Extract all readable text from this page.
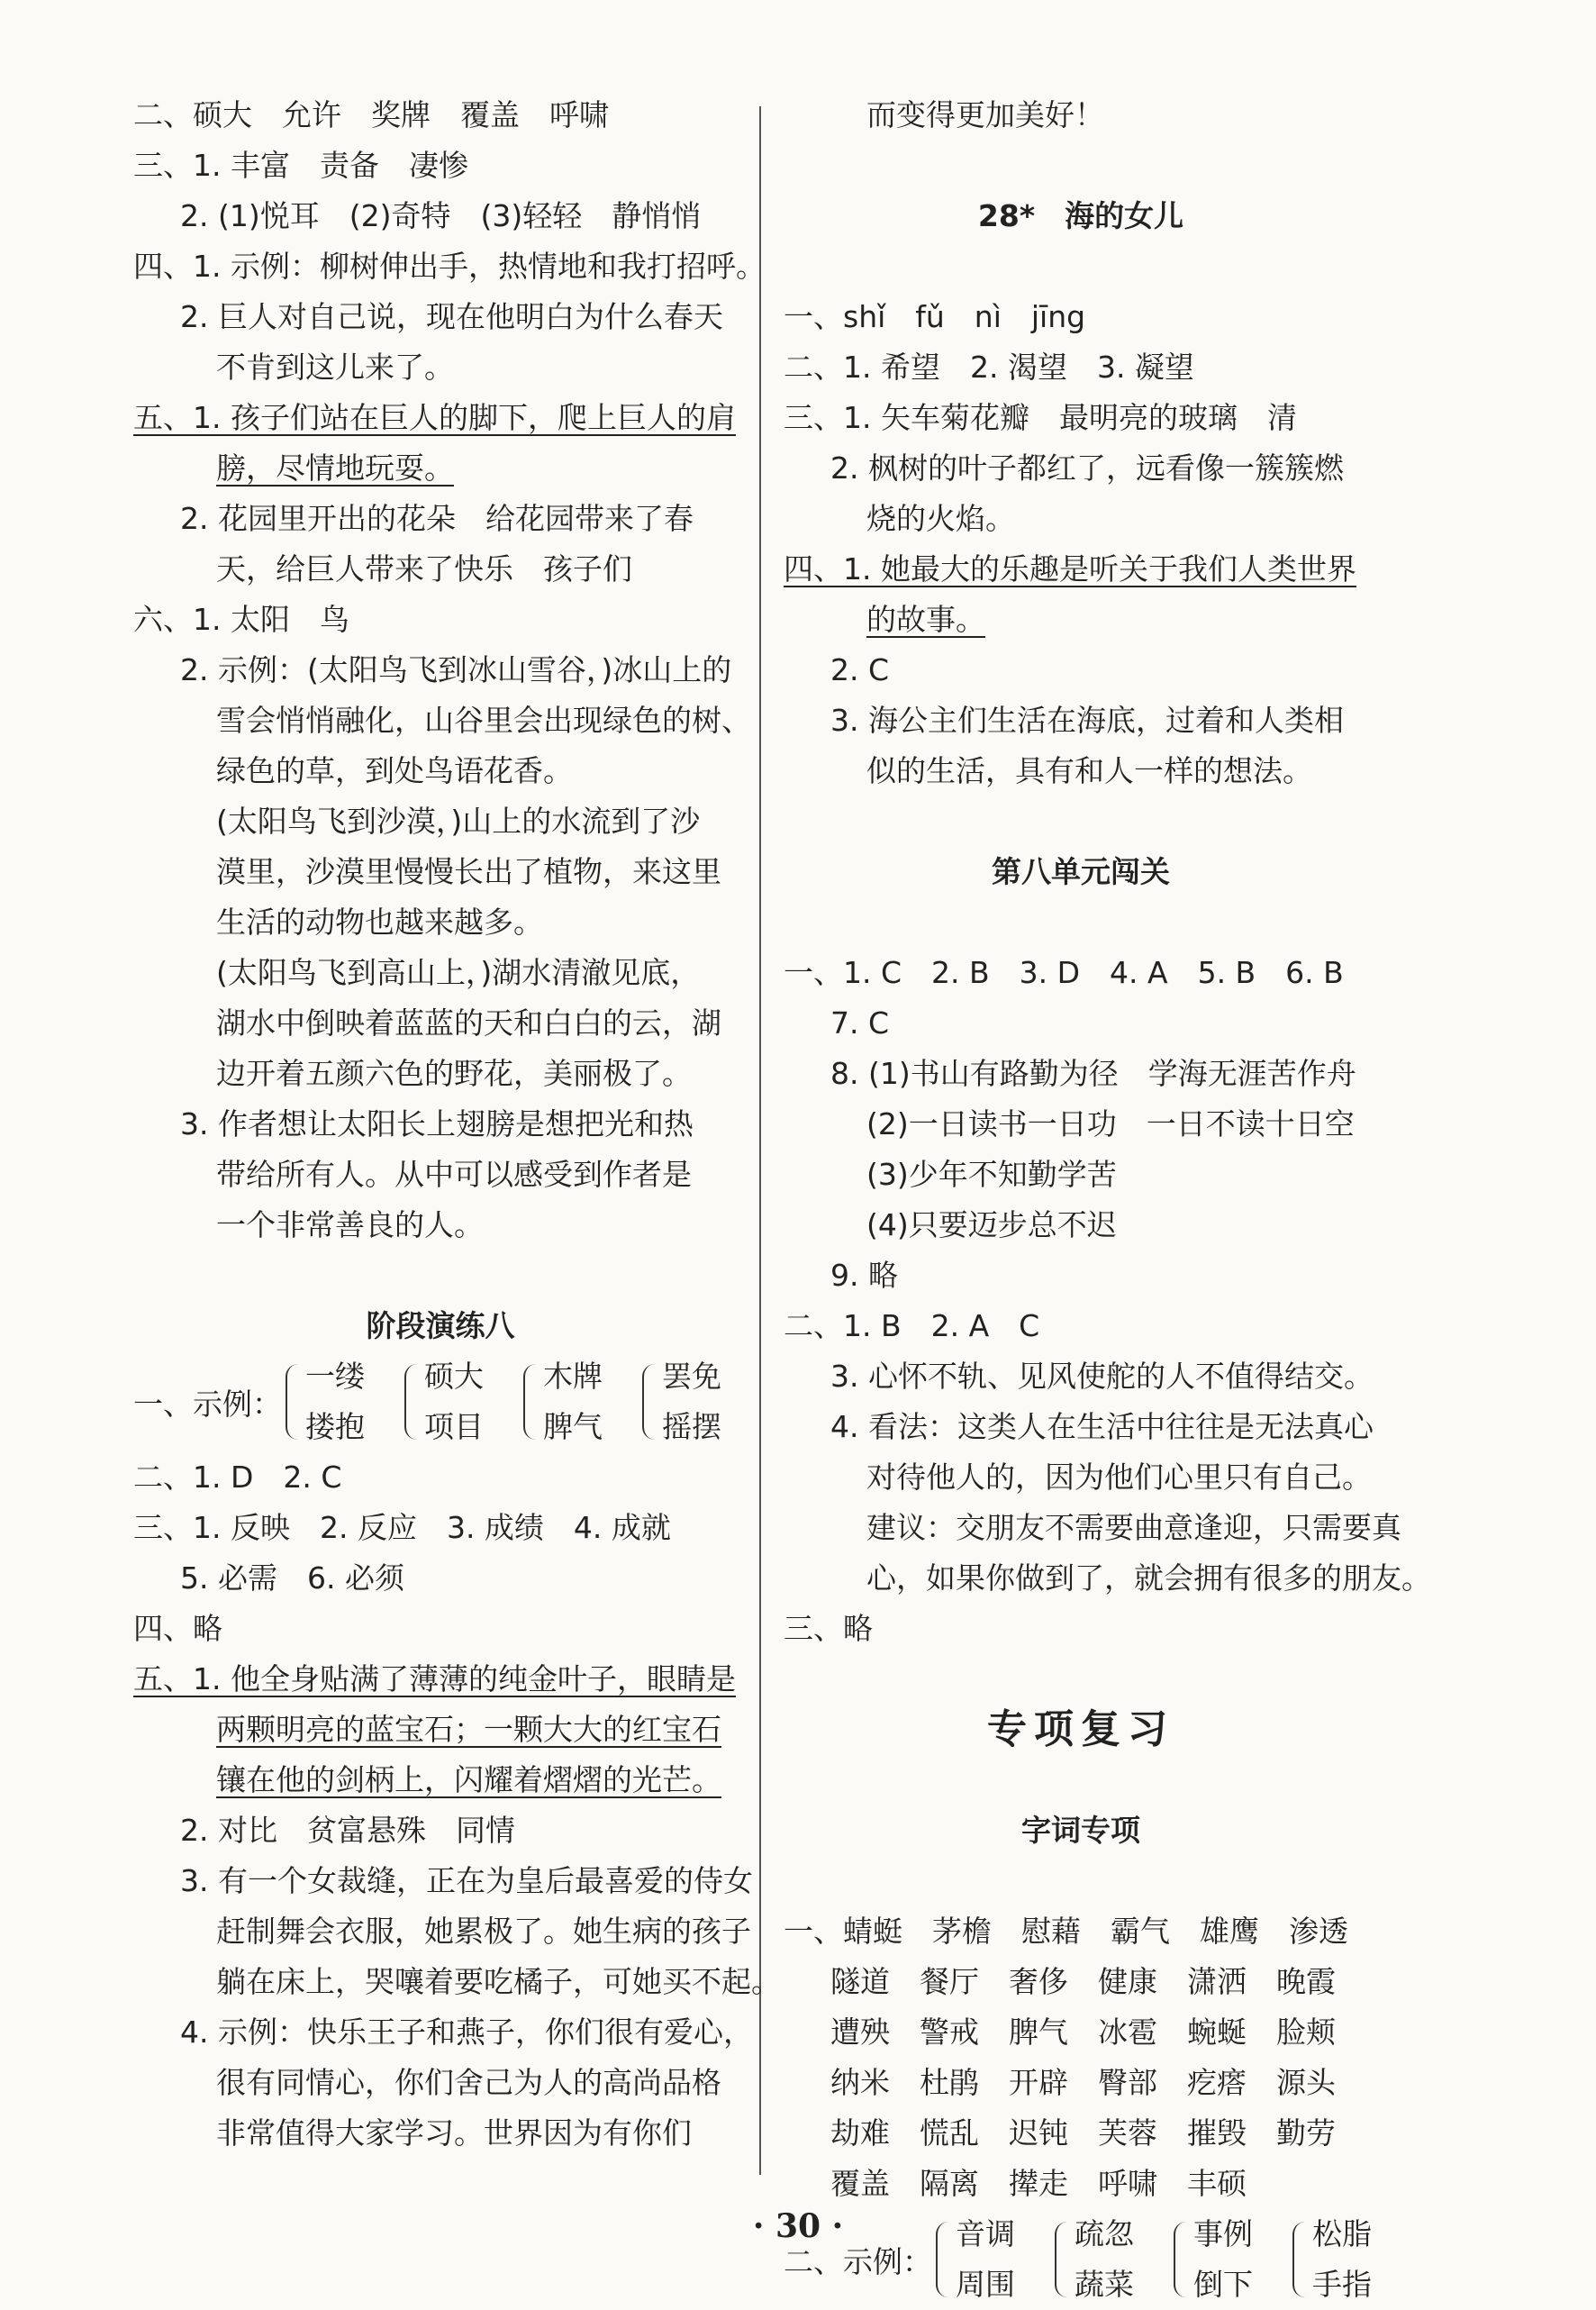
二、硕大　允许　奖牌　覆盖　呼啸
三、1. 丰富　责备　凄惨
2. (1)悦耳　(2)奇特　(3)轻轻　静悄悄
四、1. 示例：柳树伸出手，热情地和我打招呼。
2. 巨人对自己说，现在他明白为什么春天
不肯到这儿来了。
五、1. 孩子们站在巨人的脚下，爬上巨人的肩
膀，尽情地玩耍。
2. 花园里开出的花朵　给花园带来了春
天，给巨人带来了快乐　孩子们
六、1. 太阳　鸟
2. 示例：(太阳鸟飞到冰山雪谷，)冰山上的
雪会悄悄融化，山谷里会出现绿色的树、
绿色的草，到处鸟语花香。
(太阳鸟飞到沙漠，)山上的水流到了沙
漠里，沙漠里慢慢长出了植物，来这里
生活的动物也越来越多。
(太阳鸟飞到高山上，)湖水清澈见底，
湖水中倒映着蓝蓝的天和白白的云，湖
边开着五颜六色的野花，美丽极了。
3. 作者想让太阳长上翅膀是想把光和热
带给所有人。从中可以感受到作者是
一个非常善良的人。
阶段演练八
一、示例：
一缕
搂抱
硕大
项目
木牌
脾气
罢免
摇摆
二、1. D　2. C
三、1. 反映　2. 反应　3. 成绩　4. 成就
5. 必需　6. 必须
四、略
五、1. 他全身贴满了薄薄的纯金叶子，眼睛是
两颗明亮的蓝宝石；一颗大大的红宝石
镶在他的剑柄上，闪耀着熠熠的光芒。
2. 对比　贫富悬殊　同情
3. 有一个女裁缝，正在为皇后最喜爱的侍女
赶制舞会衣服，她累极了。她生病的孩子
躺在床上，哭嚷着要吃橘子，可她买不起。
4. 示例：快乐王子和燕子，你们很有爱心，
很有同情心，你们舍己为人的高尚品格
非常值得大家学习。世界因为有你们
而变得更加美好！
28*　海的女儿
一、shǐ　fǔ　nì　jīng
二、1. 希望　2. 渴望　3. 凝望
三、1. 矢车菊花瓣　最明亮的玻璃　清
2. 枫树的叶子都红了，远看像一簇簇燃
烧的火焰。
四、1. 她最大的乐趣是听关于我们人类世界
的故事。
2. C
3. 海公主们生活在海底，过着和人类相
似的生活，具有和人一样的想法。
第八单元闯关
一、1. C　2. B　3. D　4. A　5. B　6. B
7. C
8. (1)书山有路勤为径　学海无涯苦作舟
(2)一日读书一日功　一日不读十日空
(3)少年不知勤学苦
(4)只要迈步总不迟
9. 略
二、1. B　2. A　C
3. 心怀不轨、见风使舵的人不值得结交。
4. 看法：这类人在生活中往往是无法真心
对待他人的，因为他们心里只有自己。
建议：交朋友不需要曲意逢迎，只需要真
心，如果你做到了，就会拥有很多的朋友。
三、略
专项复习
字词专项
一、蜻蜓　茅檐　慰藉　霸气　雄鹰　渗透
隧道　餐厅　奢侈　健康　潇洒　晚霞
遭殃　警戒　脾气　冰雹　蜿蜒　脸颊
纳米　杜鹃　开辟　臀部　疙瘩　源头
劫难　慌乱　迟钝　芙蓉　摧毁　勤劳
覆盖　隔离　撵走　呼啸　丰硕
二、示例：
音调
周围
疏忽
蔬菜
事例
倒下
松脂
手指
· 30 ·
